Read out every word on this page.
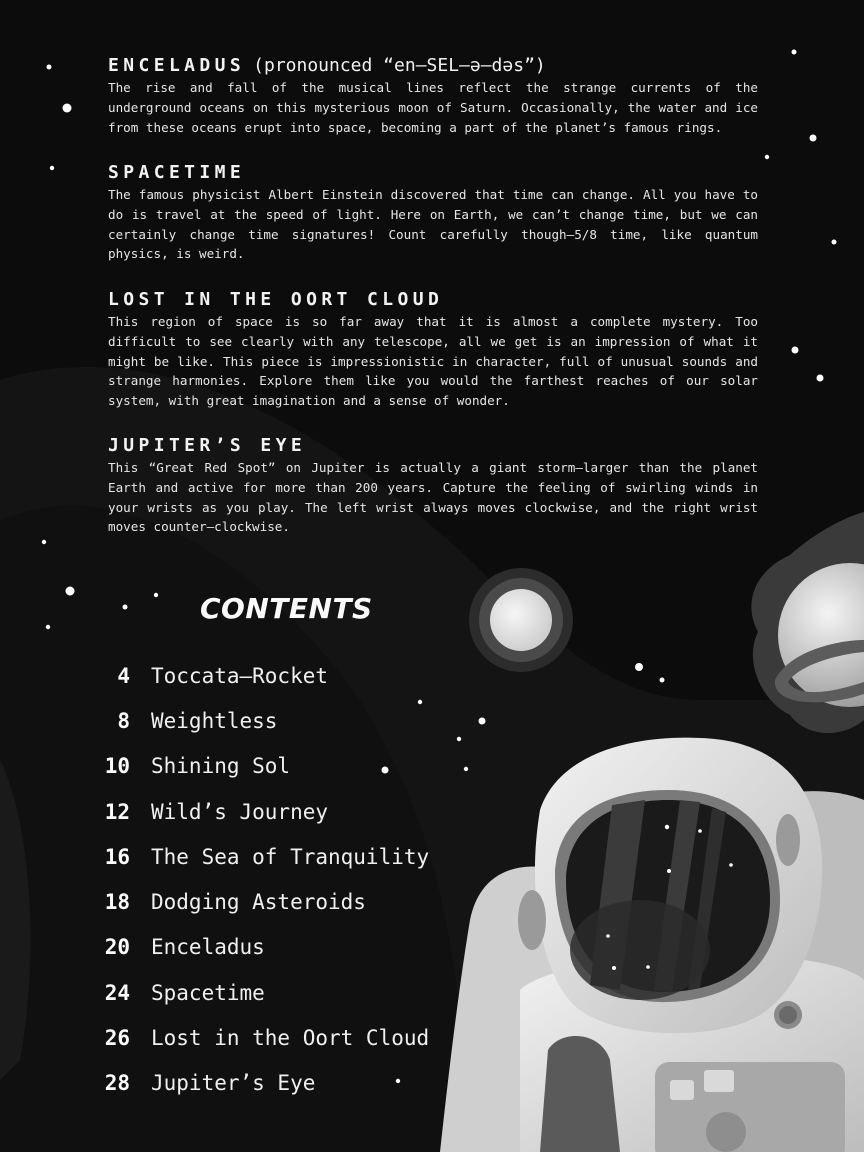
ENCELADUS (pronounced “en–SEL–ə–dəs”)

The rise and fall of the musical lines reflect the strange currents of the underground oceans on this mysterious moon of Saturn. Occasionally, the water and ice from these oceans erupt into space, becoming a part of the planet’s famous rings.

SPACETIME

The famous physicist Albert Einstein discovered that time can change. All you have to do is travel at the speed of light. Here on Earth, we can’t change time, but we can certainly change time signatures! Count carefully though—5/8 time, like quantum physics, is weird.

LOST IN THE OORT CLOUD

This region of space is so far away that it is almost a complete mystery. Too difficult to see clearly with any telescope, all we get is an impression of what it might be like. This piece is impressionistic in character, full of unusual sounds and strange harmonies. Explore them like you would the farthest reaches of our solar system, with great imagination and a sense of wonder.

JUPITER’S EYE

This “Great Red Spot” on Jupiter is actually a giant storm—larger than the planet Earth and active for more than 200 years. Capture the feeling of swirling winds in your wrists as you play. The left wrist always moves clockwise, and the right wrist moves counter–clockwise.

CONTENTS
4 Toccata–Rocket
8 Weightless
10 Shining Sol
12 Wild’s Journey
16 The Sea of Tranquility
18 Dodging Asteroids
20 Enceladus
24 Spacetime
26 Lost in the Oort Cloud
28 Jupiter’s Eye
